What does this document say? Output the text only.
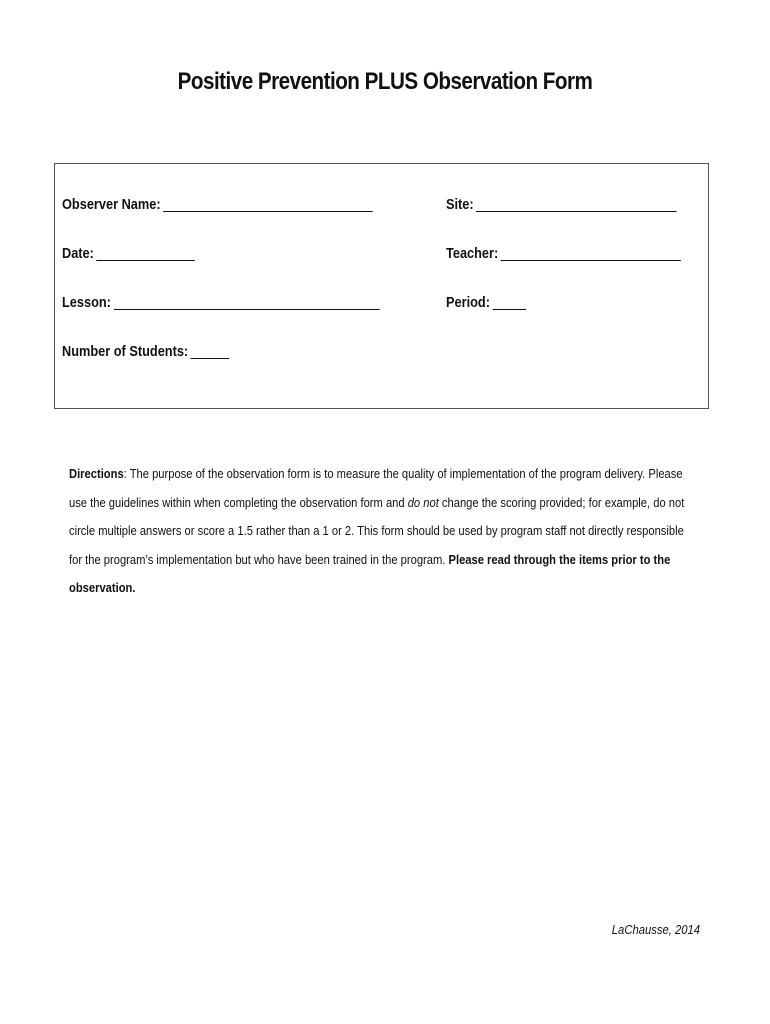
Positive Prevention PLUS Observation Form
Observer Name:	Site:
Date:	Teacher:
Lesson:	Period:
Number of Students:
Directions: The purpose of the observation form is to measure the quality of implementation of the program delivery. Please use the guidelines within when completing the observation form and do not change the scoring provided; for example, do not circle multiple answers or score a 1.5 rather than a 1 or 2. This form should be used by program staff not directly responsible for the program’s implementation but who have been trained in the program. Please read through the items prior to the observation.
LaChausse, 2014
